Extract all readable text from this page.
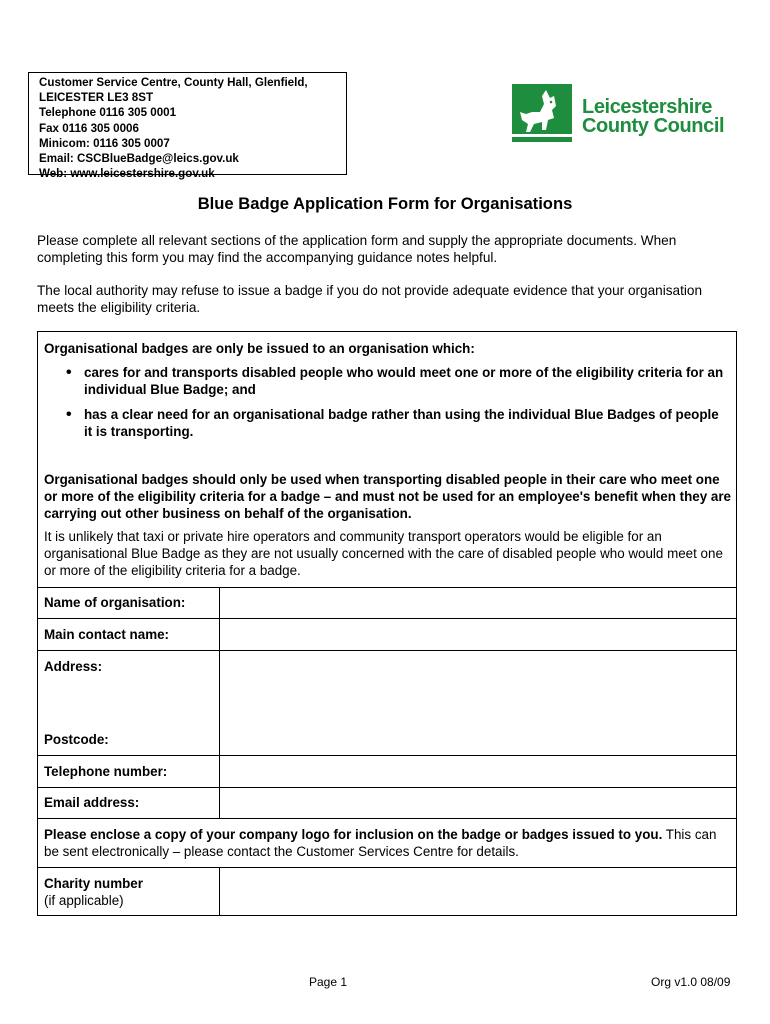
Customer Service Centre, County Hall, Glenfield,
LEICESTER LE3 8ST
Telephone 0116 305 0001
Fax 0116 305 0006
Minicom: 0116 305 0007
Email: CSCBlueBadge@leics.gov.uk
Web: www.leicestershire.gov.uk
Leicestershire
County Council
Blue Badge Application Form for Organisations
Please complete all relevant sections of the application form and supply the appropriate documents. When completing this form you may find the accompanying guidance notes helpful.
The local authority may refuse to issue a badge if you do not provide adequate evidence that your organisation meets the eligibility criteria.
Organisational badges are only be issued to an organisation which:
• cares for and transports disabled people who would meet one or more of the eligibility criteria for an individual Blue Badge; and
• has a clear need for an organisational badge rather than using the individual Blue Badges of people it is transporting.
Organisational badges should only be used when transporting disabled people in their care who meet one or more of the eligibility criteria for a badge – and must not be used for an employee's benefit when they are carrying out other business on behalf of the organisation.
It is unlikely that taxi or private hire operators and community transport operators would be eligible for an organisational Blue Badge as they are not usually concerned with the care of disabled people who would meet one or more of the eligibility criteria for a badge.
Name of organisation:
Main contact name:
Address:
Postcode:
Telephone number:
Email address:
Please enclose a copy of your company logo for inclusion on the badge or badges issued to you. This can be sent electronically – please contact the Customer Services Centre for details.
Charity number
(if applicable)
Page 1	Org v1.0 08/09
